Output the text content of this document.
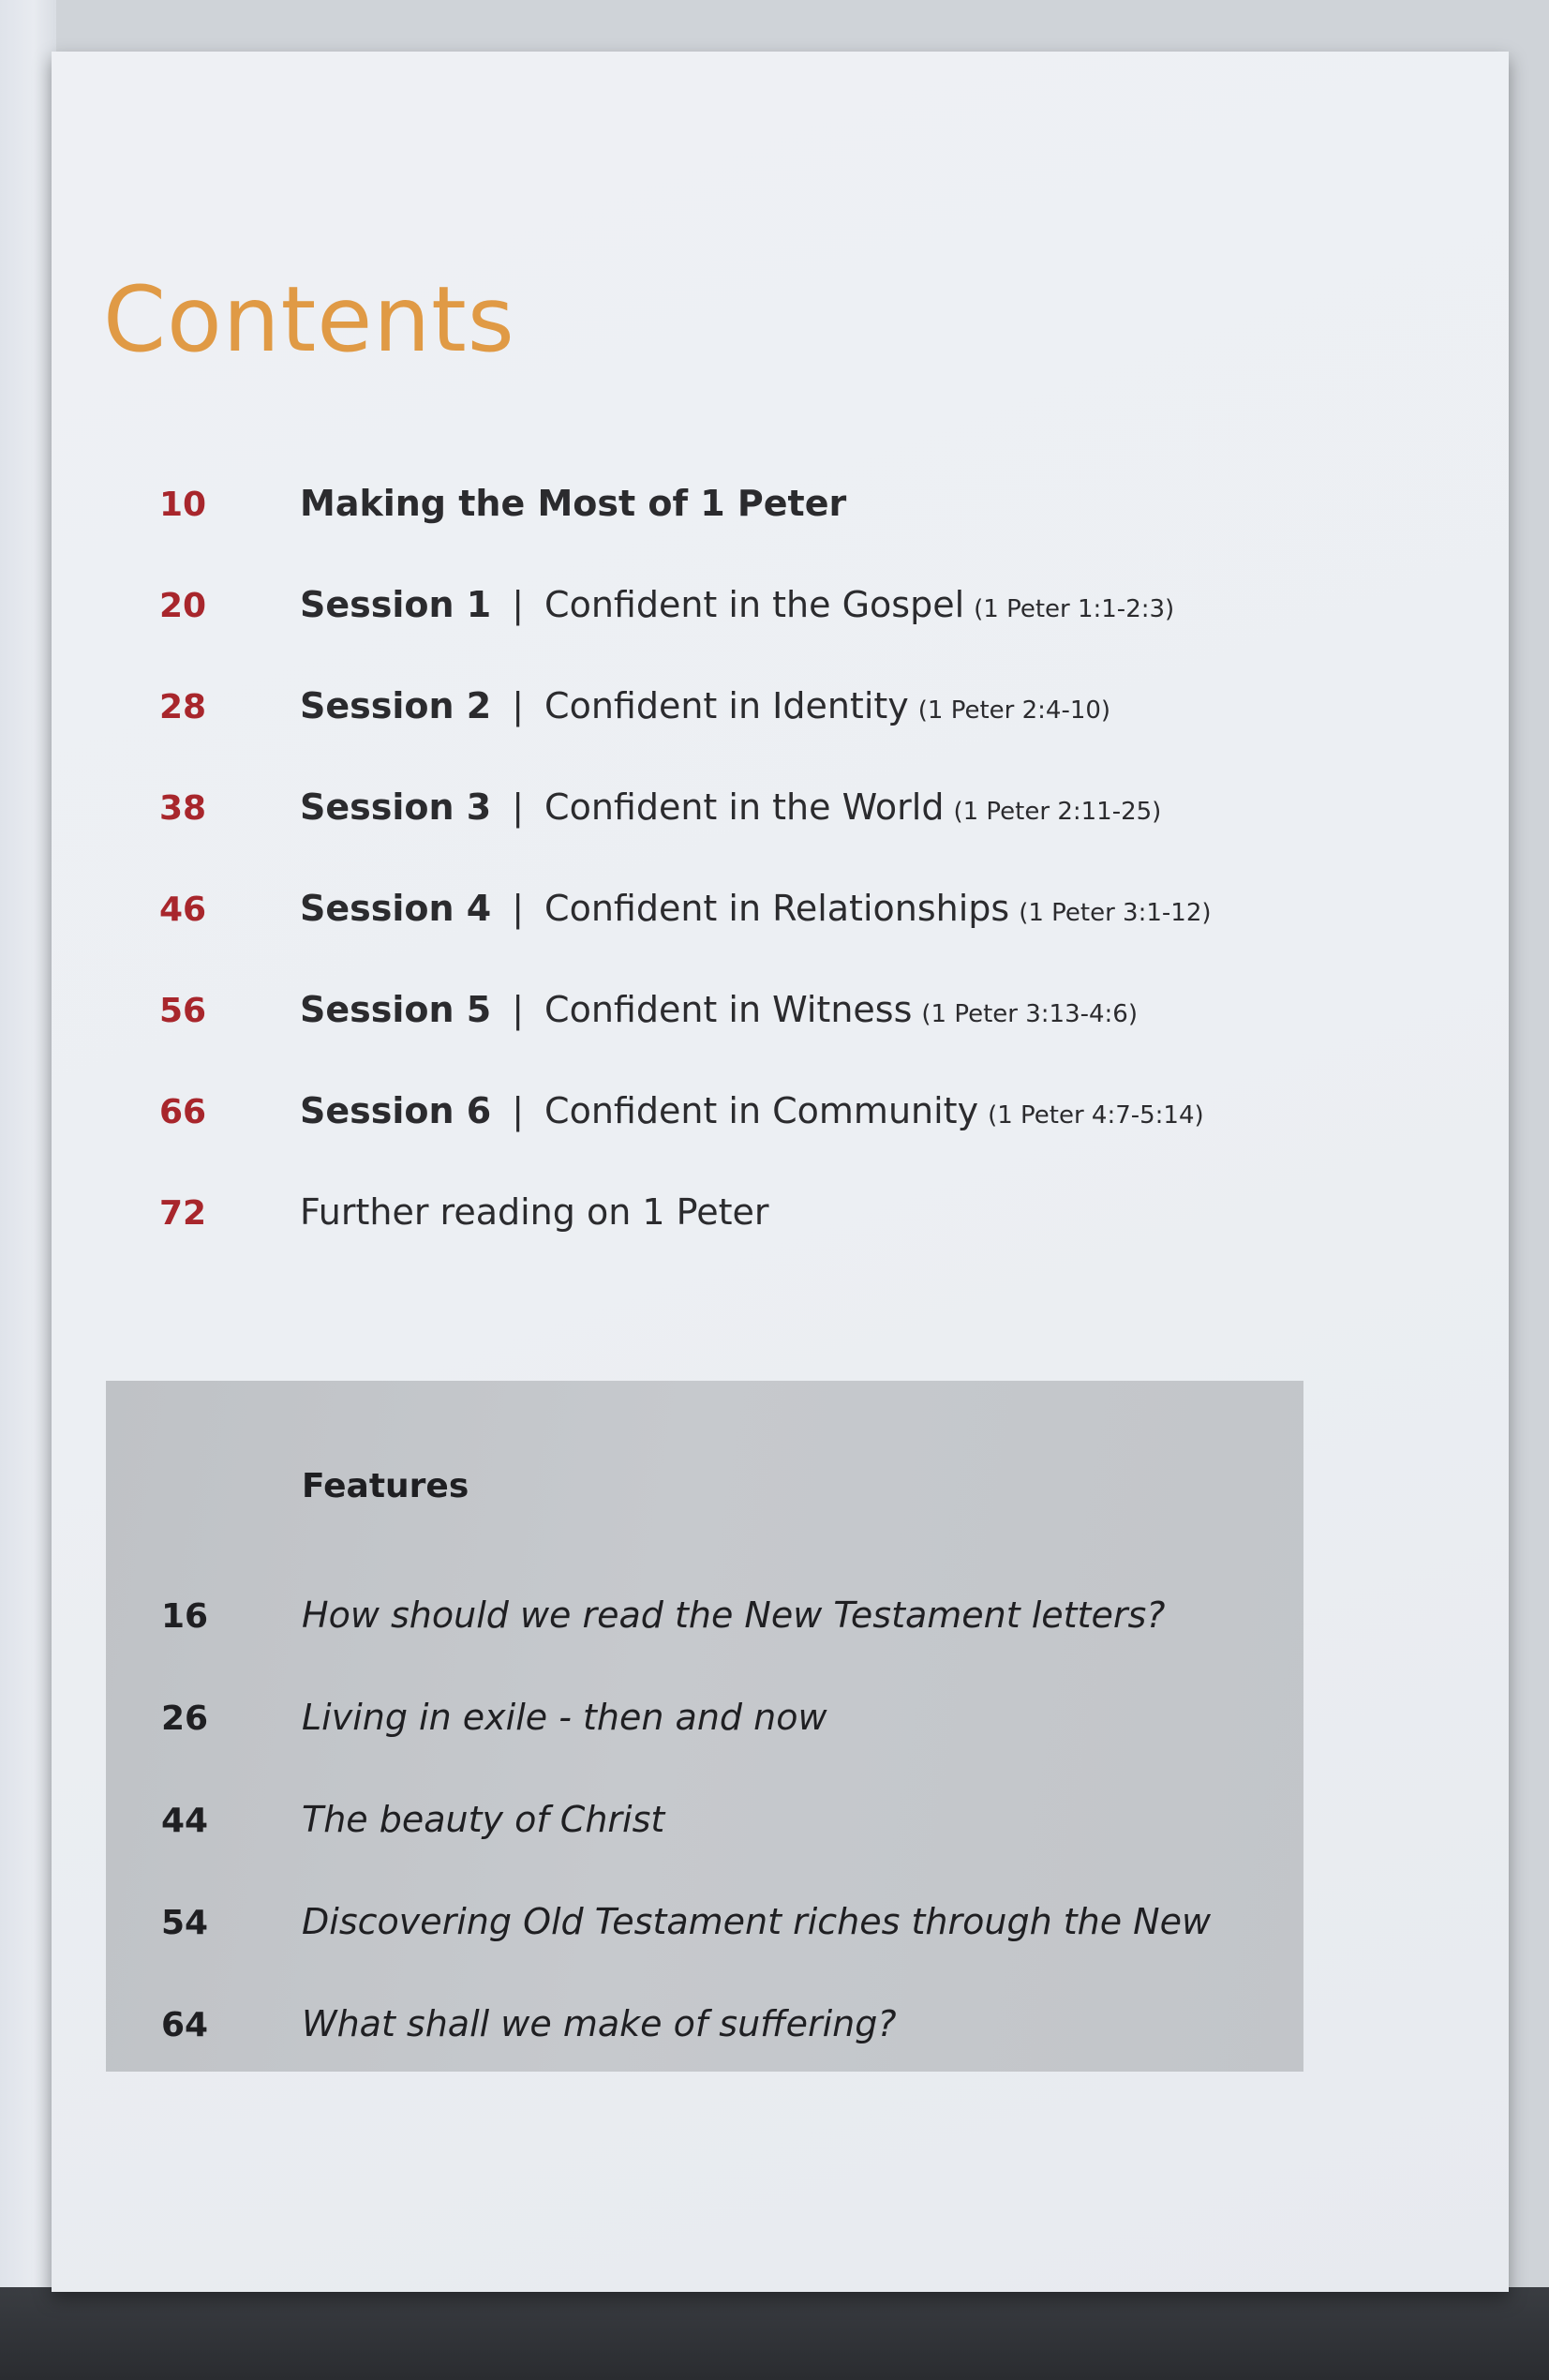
Contents
10	Making the Most of 1 Peter
20	Session 1 | Confident in the Gospel (1 Peter 1:1-2:3)
28	Session 2 | Confident in Identity (1 Peter 2:4-10)
38	Session 3 | Confident in the World (1 Peter 2:11-25)
46	Session 4 | Confident in Relationships (1 Peter 3:1-12)
56	Session 5 | Confident in Witness (1 Peter 3:13-4:6)
66	Session 6 | Confident in Community (1 Peter 4:7-5:14)
72	Further reading on 1 Peter
Features
16	How should we read the New Testament letters?
26	Living in exile - then and now
44	The beauty of Christ
54	Discovering Old Testament riches through the New
64	What shall we make of suffering?
